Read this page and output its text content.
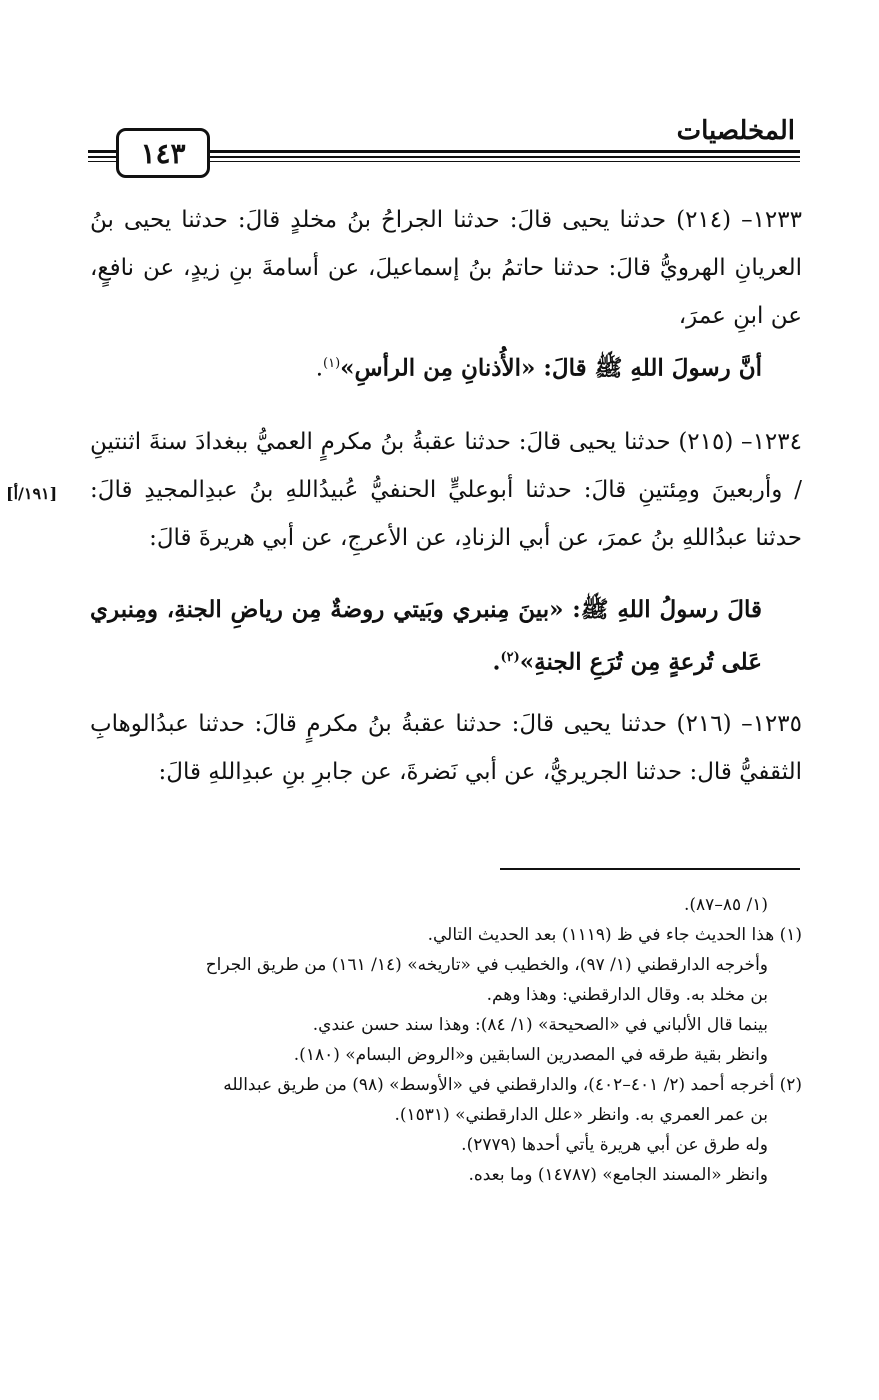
المخلصيات
١٤٣

١٢٣٣– (٢١٤) حدثنا يحيى قالَ: حدثنا الجراحُ بنُ مخلدٍ قالَ: حدثنا يحيى بنُ العريانِ الهرويُّ قالَ: حدثنا حاتمُ بنُ إسماعيلَ، عن أسامةَ بنِ زيدٍ، عن نافعٍ، عن ابنِ عمرَ،

أنَّ رسولَ اللهِ ﷺ قالَ: «الأُذنانِ مِن الرأسِ»$^{(١)}$.

١٢٣٤– (٢١٥) حدثنا يحيى قالَ: حدثنا عقبةُ بنُ مكرمٍ العميُّ ببغدادَ سنةَ اثنتينِ / وأربعينَ ومِئتينِ قالَ: حدثنا أبوعليٍّ الحنفيُّ عُبيدُاللهِ بنُ عبدِالمجيدِ قالَ: حدثنا عبدُاللهِ بنُ عمرَ، عن أبي الزنادِ، عن الأعرجِ، عن أبي هريرةَ قالَ:

[١٩١/أ]

قالَ رسولُ اللهِ ﷺ: «بينَ مِنبري وبَيتي روضةٌ مِن رياضِ الجنةِ، ومِنبري عَلى تُرعةٍ مِن تُرَعِ الجنةِ»$^{(٢)}$.

١٢٣٥– (٢١٦) حدثنا يحيى قالَ: حدثنا عقبةُ بنُ مكرمٍ قالَ: حدثنا عبدُالوهابِ الثقفيُّ قال: حدثنا الجريريُّ، عن أبي نَضرةَ، عن جابرِ بنِ عبدِاللهِ قالَ:

(١/ ٨٥–٨٧).

(١) هذا الحديث جاء في ظ (١١١٩) بعد الحديث التالي.

وأخرجه الدارقطني (١/ ٩٧)، والخطيب في «تاريخه» (١٤/ ١٦١) من طريق الجراح

بن مخلد به. وقال الدارقطني: وهذا وهم.

بينما قال الألباني في «الصحيحة» (١/ ٨٤): وهذا سند حسن عندي.

وانظر بقية طرقه في المصدرين السابقين و«الروض البسام» (١٨٠).

(٢) أخرجه أحمد (٢/ ٤٠١–٤٠٢)، والدارقطني في «الأوسط» (٩٨) من طريق عبدالله

بن عمر العمري به. وانظر «علل الدارقطني» (١٥٣١).

وله طرق عن أبي هريرة يأتي أحدها (٢٧٧٩).

وانظر «المسند الجامع» (١٤٧٨٧) وما بعده.
